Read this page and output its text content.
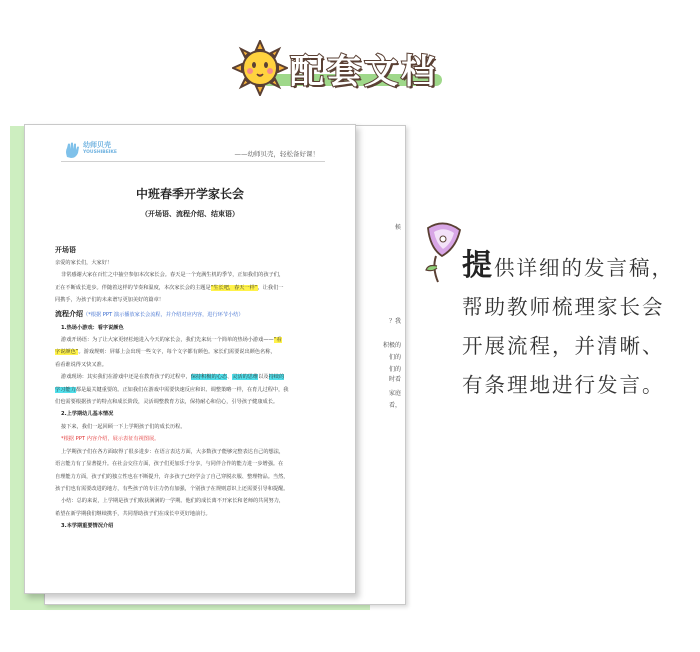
配套文档
候
？我
积极的
们的
们的
时看
家庭
看，
幼师贝壳
YOUSHIBEIKE	——幼师贝壳，轻松备好课！
中班春季开学家长会
（开场语、流程介绍、结束语）

开场语

亲爱的家长们，大家好！

非常感谢大家在百忙之中抽空参加本次家长会。春天是一个充满生机的季节，正如我们的孩子们，

正在不断成长进步。伴随着这样的节奏和温度，本次家长会的主题是“生长吧，春天一样”，让我们一

同携手，为孩子们的未来谱写更加美好的篇章！

流程介绍（*根据 PPT 演示播放家长会流程，并介绍对应内容，进行环节小结）

1.热场小游戏：看字说颜色

游戏开场语：为了让大家更轻松地进入今天的家长会，我们先来玩一个简单的热场小游戏——“看

字说颜色”。游戏规则：屏幕上会出现一些文字，每个文字都有颜色。家长们需要说出颜色名称，

看看谁说得又快又准。

游戏现场：其实我们在游戏中还是在教育孩子的过程中，保持积极的心态、灵活的思维以及持续的

学习能力都是最关键重要的。正如我们在游戏中需要快速反应和识、调整策略一样，在育儿过程中，我

们也需要根据孩子的特点和成长阶段，灵活调整教育方法，保持耐心和信心，引导孩子健康成长。

2.上学期幼儿基本情况

接下来，我们一起回顾一下上学期孩子们的成长历程。

*根据 PPT 内容介绍，展示表征有视图展。

上学期孩子们在各方面取得了很多进步：在语言表达方面，大多数孩子能够完整表达自己的想法，

语言能力有了显著提升。在社会交往方面，孩子们更加乐于分享，与同伴合作的能力进一步增强。在

自理能力方面，孩子们的独立性也在不断提升，许多孩子已经学会了自己穿脱衣服、整理物品。当然，

孩子们也有需要改进的地方，有些孩子的专注力仍有加强，个别孩子在规则意识上还需要引导和提醒。

小结：总的来说，上学期是孩子们收获满满的一学期。他们的成长离不开家长和老师的共同努力，

希望在新学期我们继续携手，共同帮助孩子们在成长中更好地前行。

3.本学期重要情况介绍

提供详细的发言稿，
帮助教师梳理家长会
开展流程，并清晰、
有条理地进行发言。
